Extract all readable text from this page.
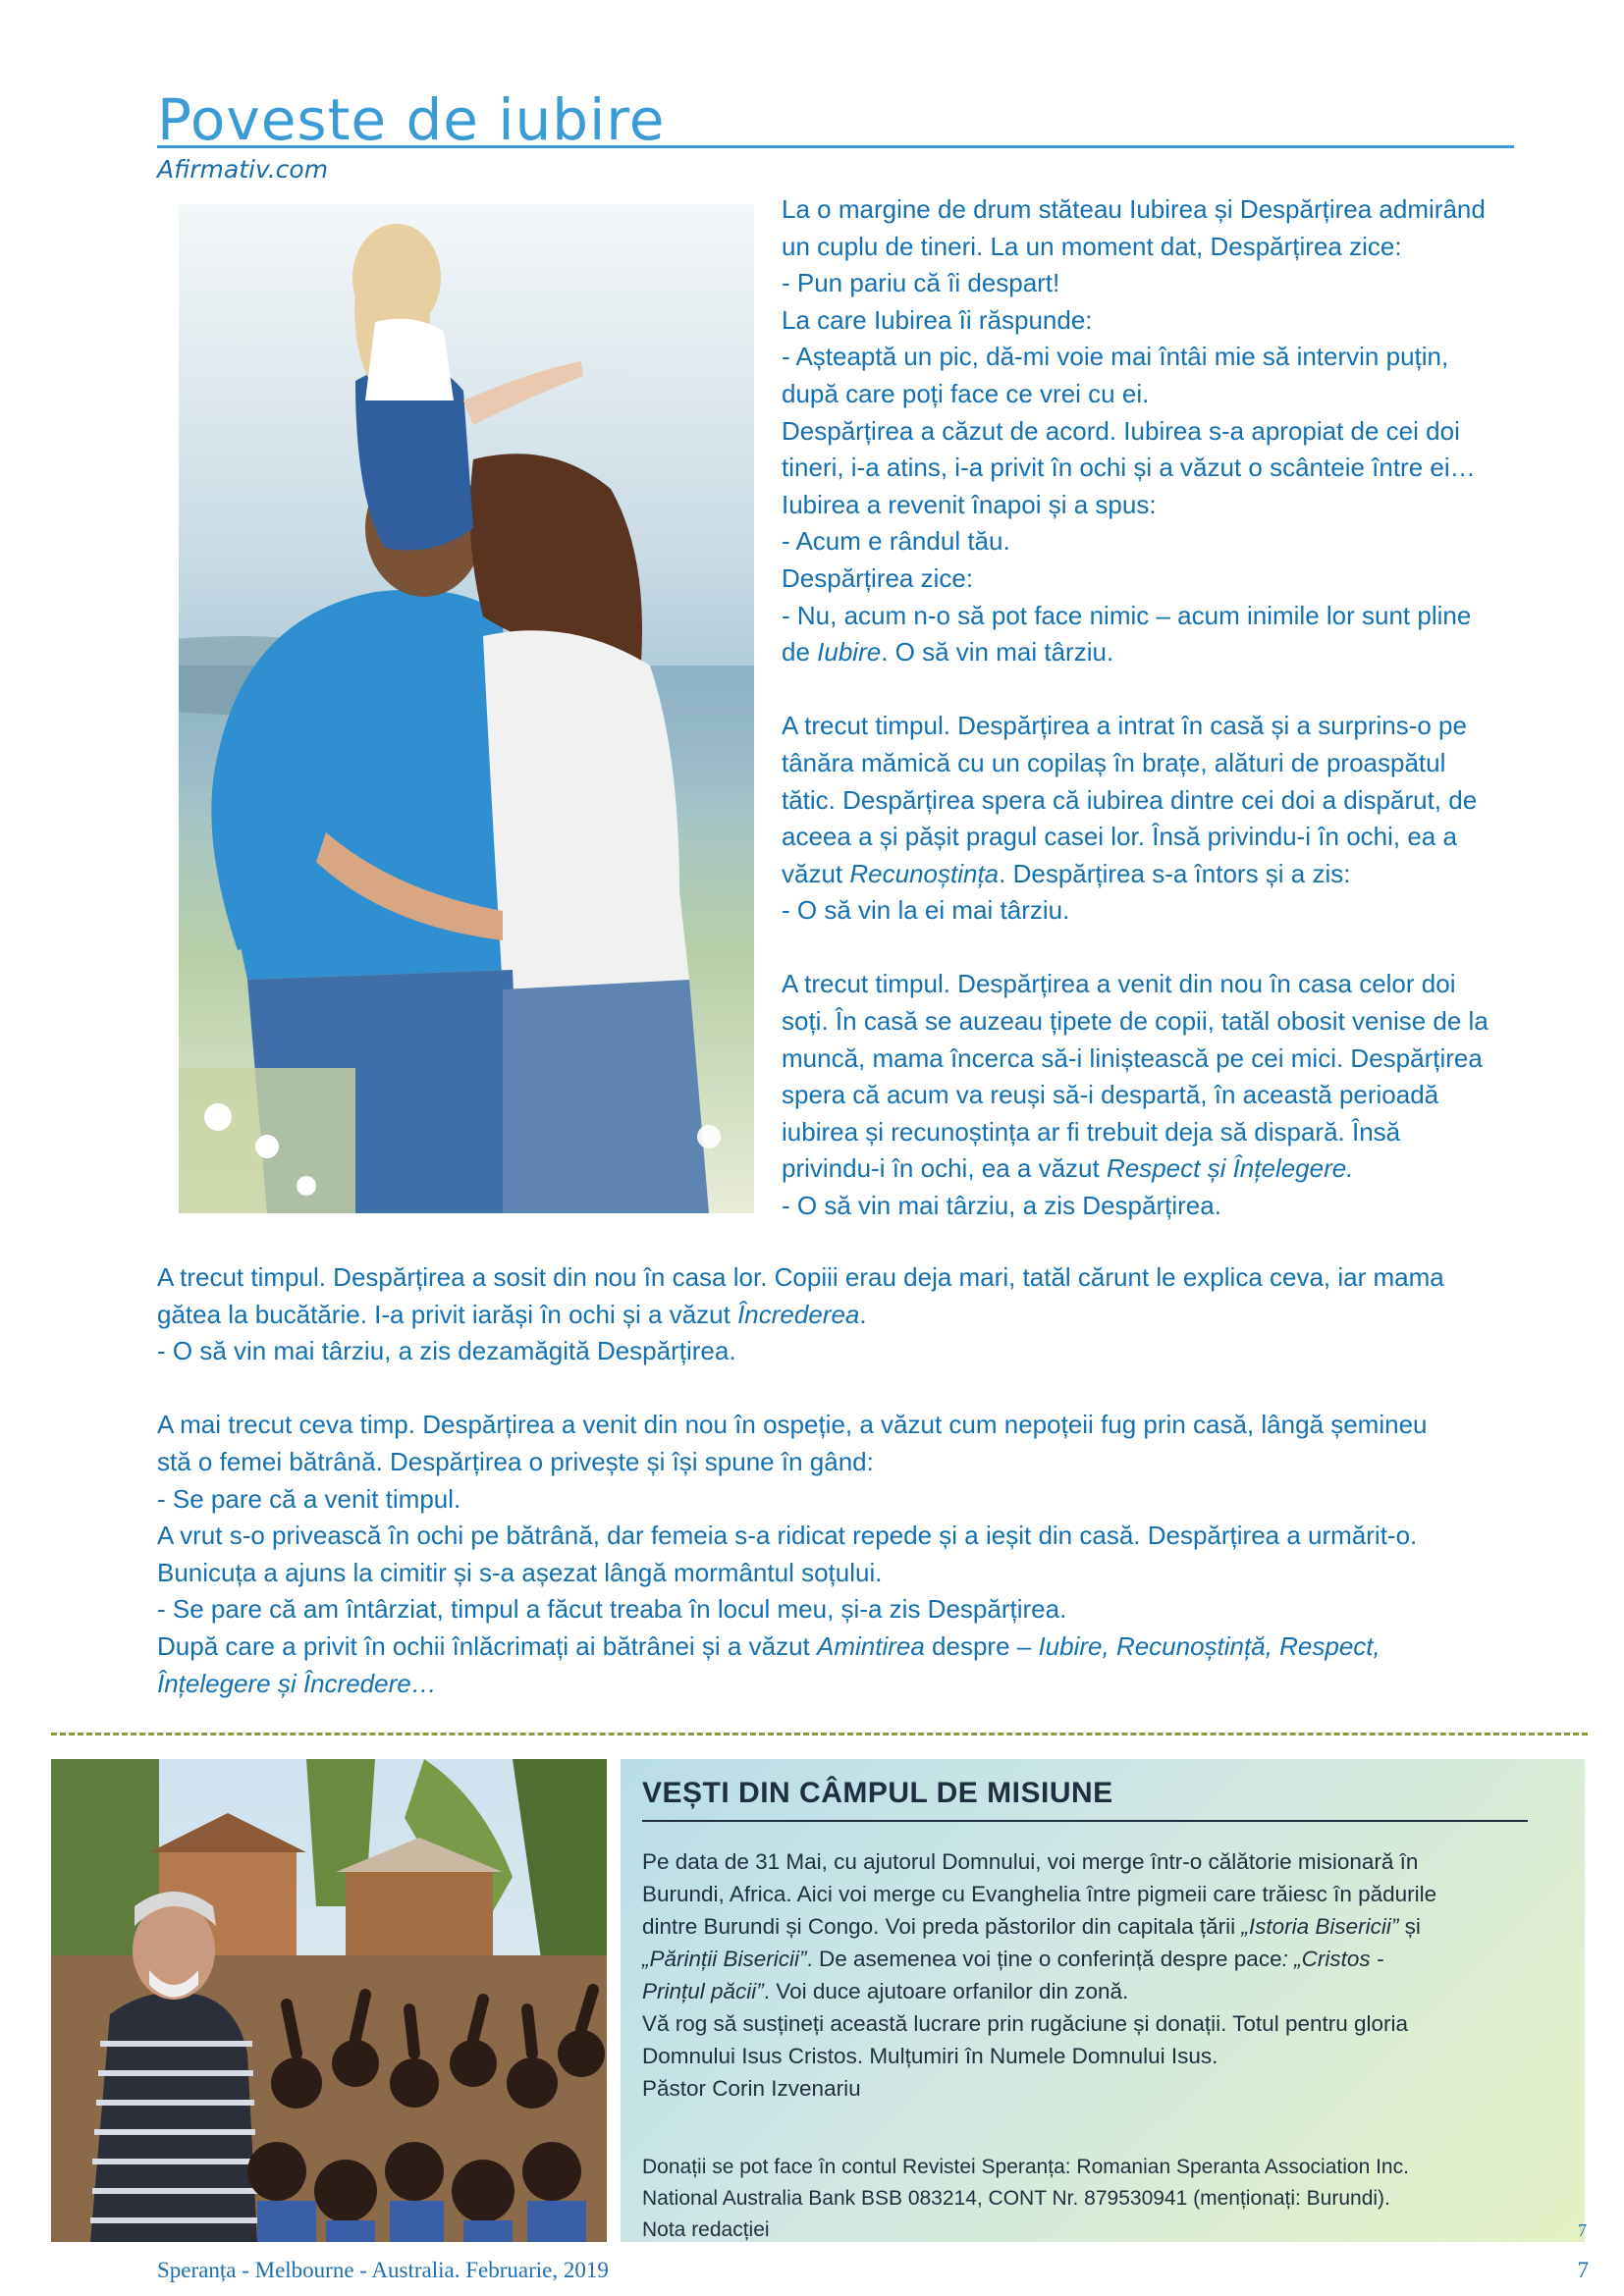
Poveste de iubire
Afirmativ.com

La o margine de drum stăteau Iubirea și Despărțirea admirând

un cuplu de tineri. La un moment dat, Despărțirea zice:

- Pun pariu că îi despart!

La care Iubirea îi răspunde:

- Așteaptă un pic, dă-mi voie mai întâi mie să intervin puțin,

după care poți face ce vrei cu ei.

Despărțirea a căzut de acord. Iubirea s-a apropiat de cei doi

tineri, i-a atins, i-a privit în ochi și a văzut o scânteie între ei…

Iubirea a revenit înapoi și a spus:

- Acum e rândul tău.

Despărțirea zice:

- Nu, acum n-o să pot face nimic – acum inimile lor sunt pline

de Iubire. O să vin mai târziu.

A trecut timpul. Despărțirea a intrat în casă și a surprins-o pe

tânăra mămică cu un copilaș în brațe, alături de proaspătul

tătic. Despărțirea spera că iubirea dintre cei doi a dispărut, de

aceea a și pășit pragul casei lor. Însă privindu-i în ochi, ea a

văzut Recunoștința. Despărțirea s-a întors și a zis:

- O să vin la ei mai târziu.

A trecut timpul. Despărțirea a venit din nou în casa celor doi

soți. În casă se auzeau țipete de copii, tatăl obosit venise de la

muncă, mama încerca să-i liniștească pe cei mici. Despărțirea

spera că acum va reuși să-i despartă, în această perioadă

iubirea și recunoștința ar fi trebuit deja să dispară. Însă

privindu-i în ochi, ea a văzut Respect și Înțelegere.

- O să vin mai târziu, a zis Despărțirea.

A trecut timpul. Despărțirea a sosit din nou în casa lor. Copiii erau deja mari, tatăl cărunt le explica ceva, iar mama

gătea la bucătărie. I-a privit iarăși în ochi și a văzut Încrederea.

- O să vin mai târziu, a zis dezamăgită Despărțirea.

A mai trecut ceva timp. Despărțirea a venit din nou în ospeție, a văzut cum nepoțeii fug prin casă, lângă șemineu

stă o femei bătrână. Despărțirea o privește și își spune în gând:

- Se pare că a venit timpul.

A vrut s-o privească în ochi pe bătrână, dar femeia s-a ridicat repede și a ieșit din casă. Despărțirea a urmărit-o.

Bunicuța a ajuns la cimitir și s-a așezat lângă mormântul soțului.

- Se pare că am întârziat, timpul a făcut treaba în locul meu, și-a zis Despărțirea.

După care a privit în ochii înlăcrimați ai bătrânei și a văzut Amintirea despre – Iubire, Recunoștință, Respect,

Înțelegere și Încredere…

VEȘTI DIN CÂMPUL DE MISIUNE

Pe data de 31 Mai, cu ajutorul Domnului, voi merge într-o călătorie misionară în

Burundi, Africa. Aici voi merge cu Evanghelia între pigmeii care trăiesc în pădurile

dintre Burundi și Congo. Voi preda păstorilor din capitala țării „Istoria Bisericii” și

„Părinții Bisericii”. De asemenea voi ține o conferință despre pace: „Cristos -

Prințul păcii”. Voi duce ajutoare orfanilor din zonă.

Vă rog să susțineți această lucrare prin rugăciune și donații. Totul pentru gloria

Domnului Isus Cristos. Mulțumiri în Numele Domnului Isus.

Păstor Corin Izvenariu

Donații se pot face în contul Revistei Speranța: Romanian Speranta Association Inc.

National Australia Bank BSB 083214, CONT Nr. 879530941 (menționați: Burundi).

Nota redacției	7
Speranța - Melbourne - Australia. Februarie, 2019	7
